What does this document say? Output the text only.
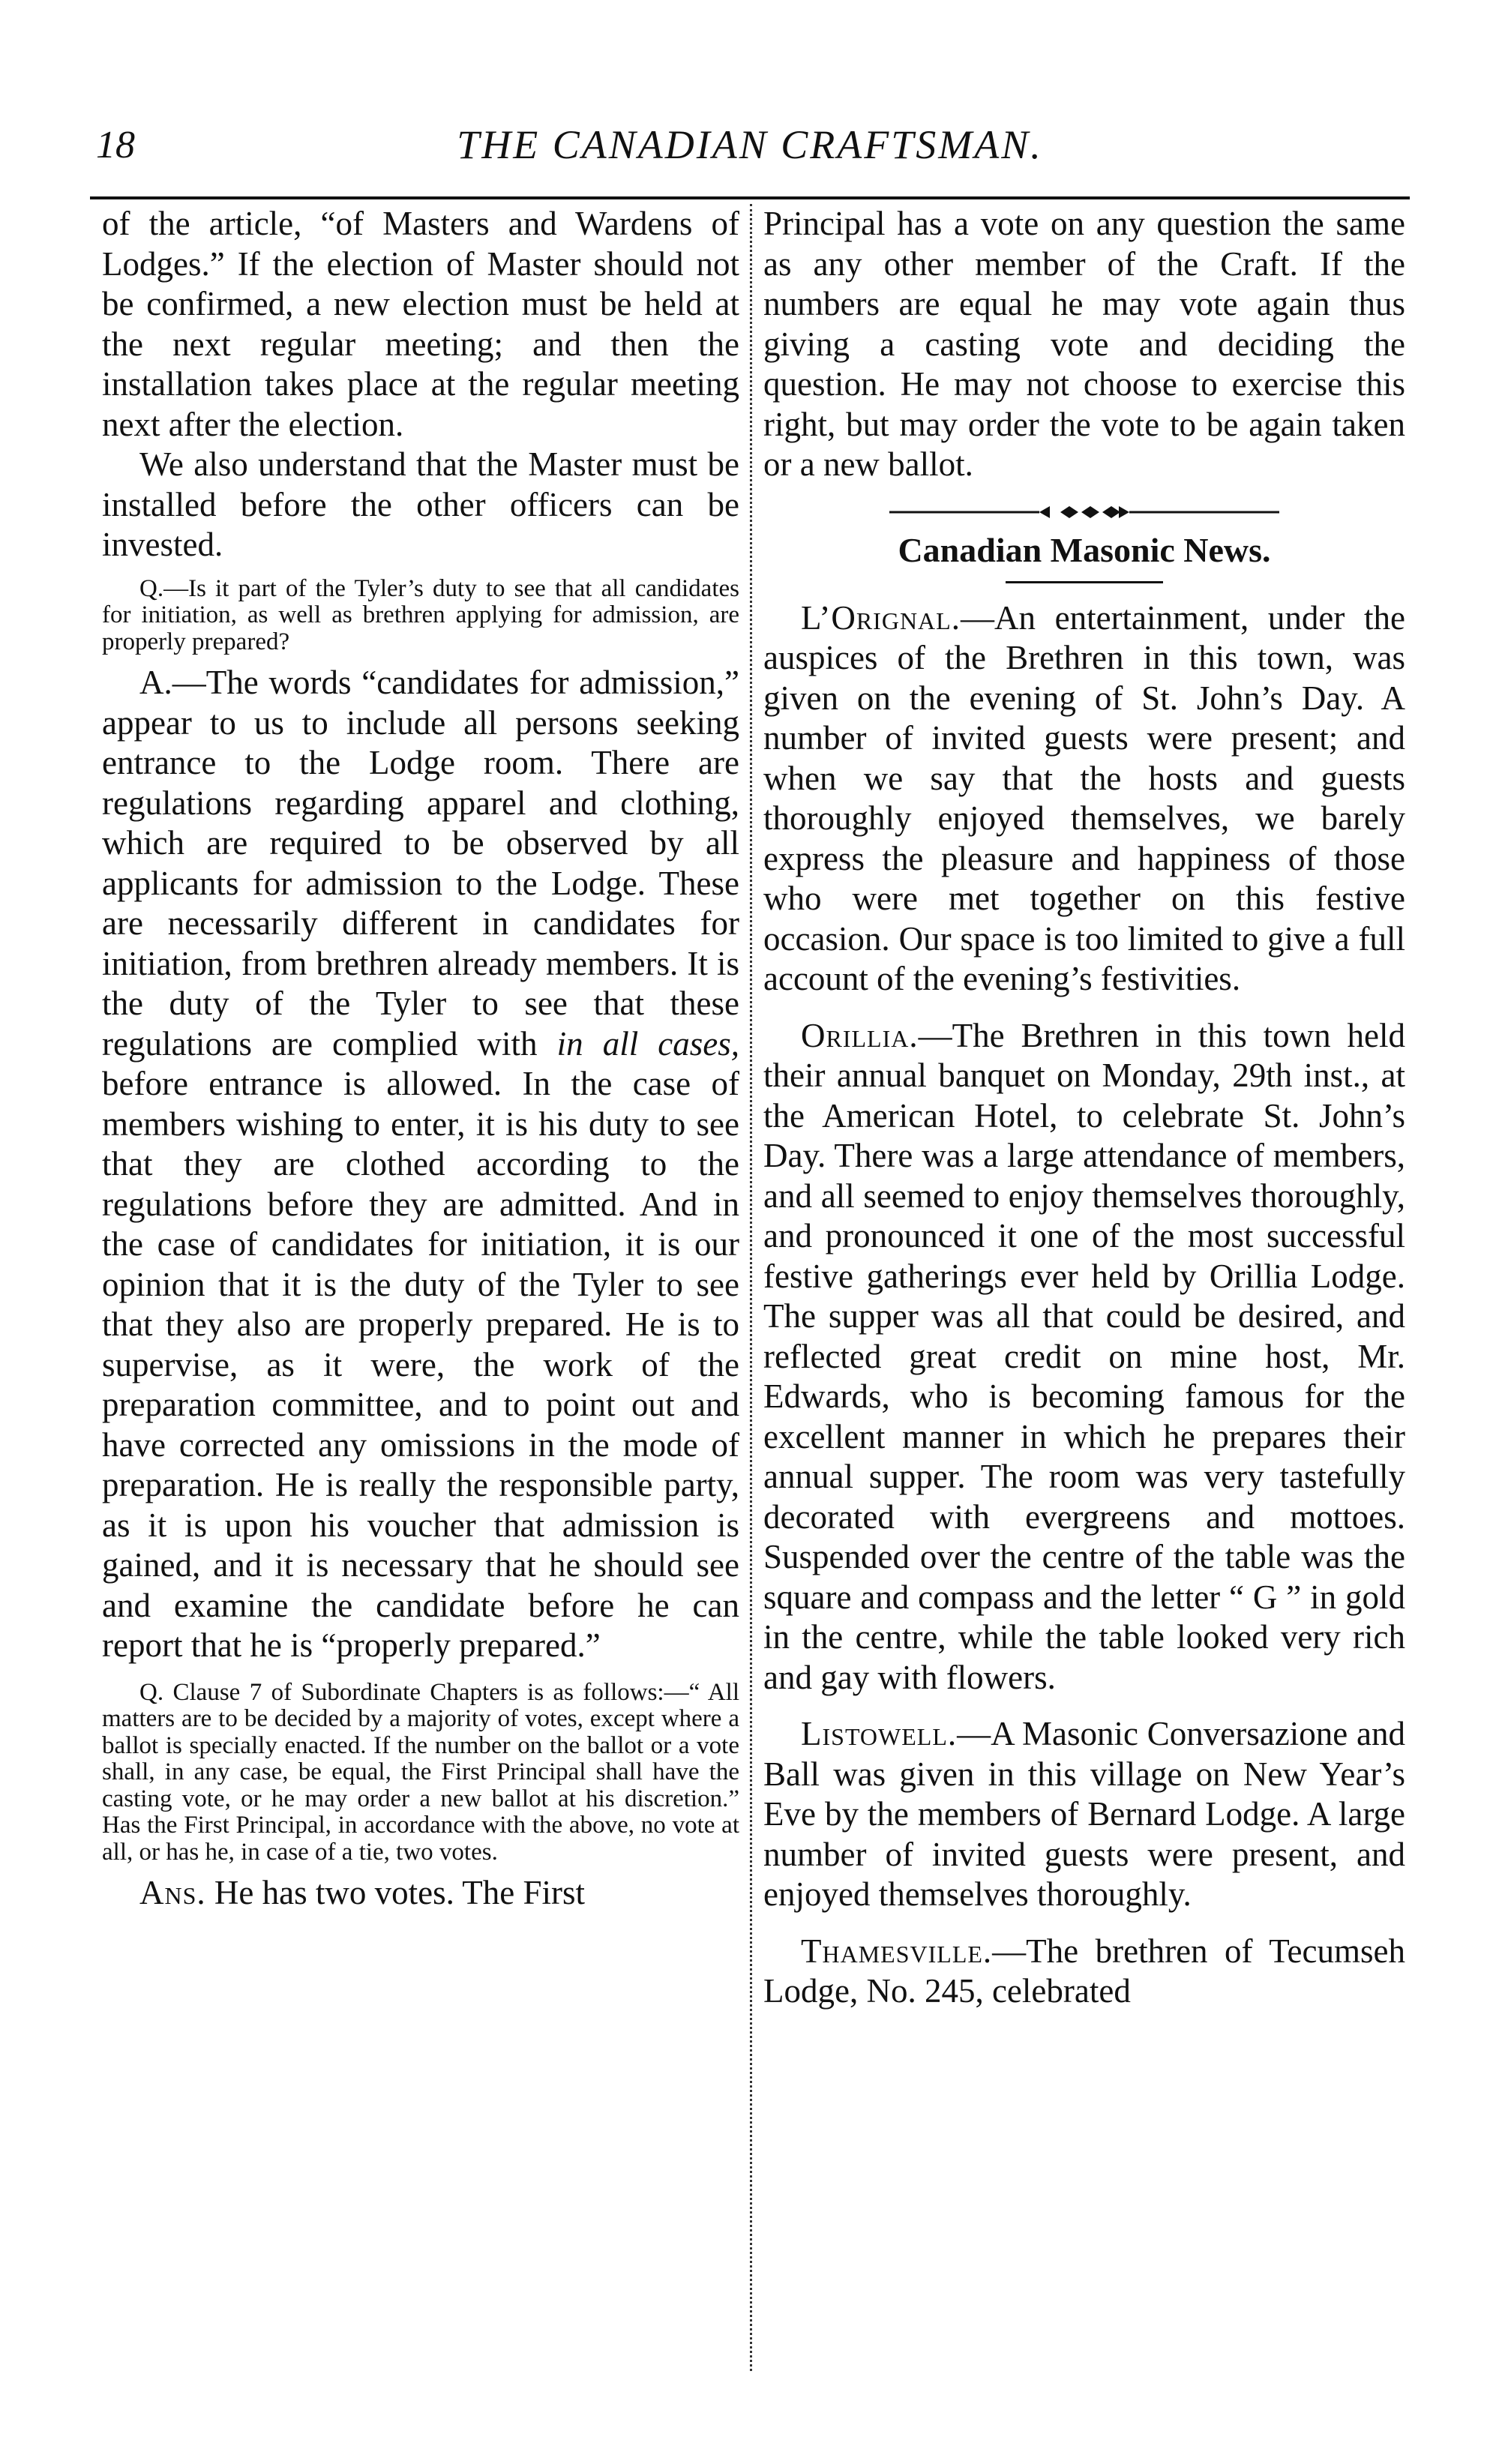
18	THE CANADIAN CRAFTSMAN.

of the article, “of Masters and Wardens of Lodges.” If the election of Master should not be confirmed, a new election must be held at the next regular meeting; and then the installation takes place at the regular meeting next after the election.

We also understand that the Master must be installed before the other officers can be invested.

Q.—Is it part of the Tyler’s duty to see that all candidates for initiation, as well as brethren applying for admission, are properly prepared?

A.—The words “candidates for admission,” appear to us to include all persons seeking entrance to the Lodge room. There are regulations regarding apparel and clothing, which are required to be observed by all applicants for admission to the Lodge. These are necessarily different in candidates for initiation, from brethren already members. It is the duty of the Tyler to see that these regulations are complied with in all cases, before entrance is allowed. In the case of members wishing to enter, it is his duty to see that they are clothed according to the regulations before they are admitted. And in the case of candidates for initiation, it is our opinion that it is the duty of the Tyler to see that they also are properly prepared. He is to supervise, as it were, the work of the preparation committee, and to point out and have corrected any omissions in the mode of preparation. He is really the responsible party, as it is upon his voucher that admission is gained, and it is necessary that he should see and examine the candidate before he can report that he is “properly prepared.”

Q. Clause 7 of Subordinate Chapters is as follows:—“ All matters are to be decided by a majority of votes, except where a ballot is specially enacted. If the number on the ballot or a vote shall, in any case, be equal, the First Principal shall have the casting vote, or he may order a new ballot at his discretion.” Has the First Principal, in accordance with the above, no vote at all, or has he, in case of a tie, two votes.

Ans. He has two votes. The First

Principal has a vote on any question the same as any other member of the Craft. If the numbers are equal he may vote again thus giving a casting vote and deciding the question. He may not choose to exercise this right, but may order the vote to be again taken or a new ballot.

Canadian Masonic News.

L’Orignal.—An entertainment, under the auspices of the Brethren in this town, was given on the evening of St. John’s Day. A number of invited guests were present; and when we say that the hosts and guests thoroughly enjoyed themselves, we barely express the pleasure and happiness of those who were met together on this festive occasion. Our space is too limited to give a full account of the evening’s festivities.

Orillia.—The Brethren in this town held their annual banquet on Monday, 29th inst., at the American Hotel, to celebrate St. John’s Day. There was a large attendance of members, and all seemed to enjoy themselves thoroughly, and pronounced it one of the most successful festive gatherings ever held by Orillia Lodge. The supper was all that could be desired, and reflected great credit on mine host, Mr. Edwards, who is becoming famous for the excellent manner in which he prepares their annual supper. The room was very tastefully decorated with evergreens and mottoes. Suspended over the centre of the table was the square and compass and the letter “ G ” in gold in the centre, while the table looked very rich and gay with flowers.

Listowell.—A Masonic Conversazione and Ball was given in this village on New Year’s Eve by the members of Bernard Lodge. A large number of invited guests were present, and enjoyed themselves thoroughly.

Thamesville.—The brethren of Tecumseh Lodge, No. 245, celebrated
